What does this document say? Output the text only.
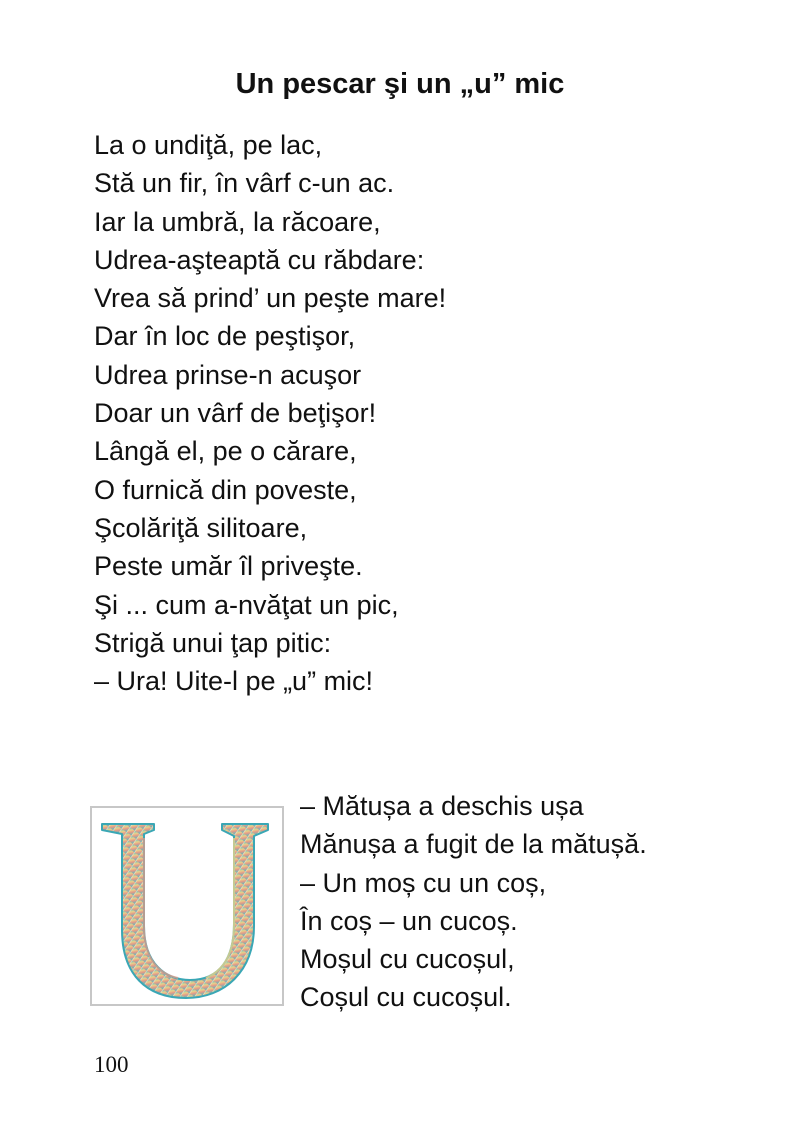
Un pescar şi un „u” mic
La o undiţă, pe lac,
Stă un fir, în vârf c-un ac.
Iar la umbră, la răcoare,
Udrea-aşteaptă cu răbdare:
Vrea să prind’ un peşte mare!
Dar în loc de peştişor,
Udrea prinse-n acuşor
Doar un vârf de beţişor!
Lângă el, pe o cărare,
O furnică din poveste,
Şcolăriţă silitoare,
Peste umăr îl priveşte.
Şi ... cum a-nvăţat un pic,
Strigă unui ţap pitic:
– Ura! Uite-l pe „u” mic!
– Mătușa a deschis ușa
Mănușa a fugit de la mătușă.
– Un moș cu un coș,
În coș – un cucoș.
Moșul cu cucoșul,
Coșul cu cucoșul.
100
